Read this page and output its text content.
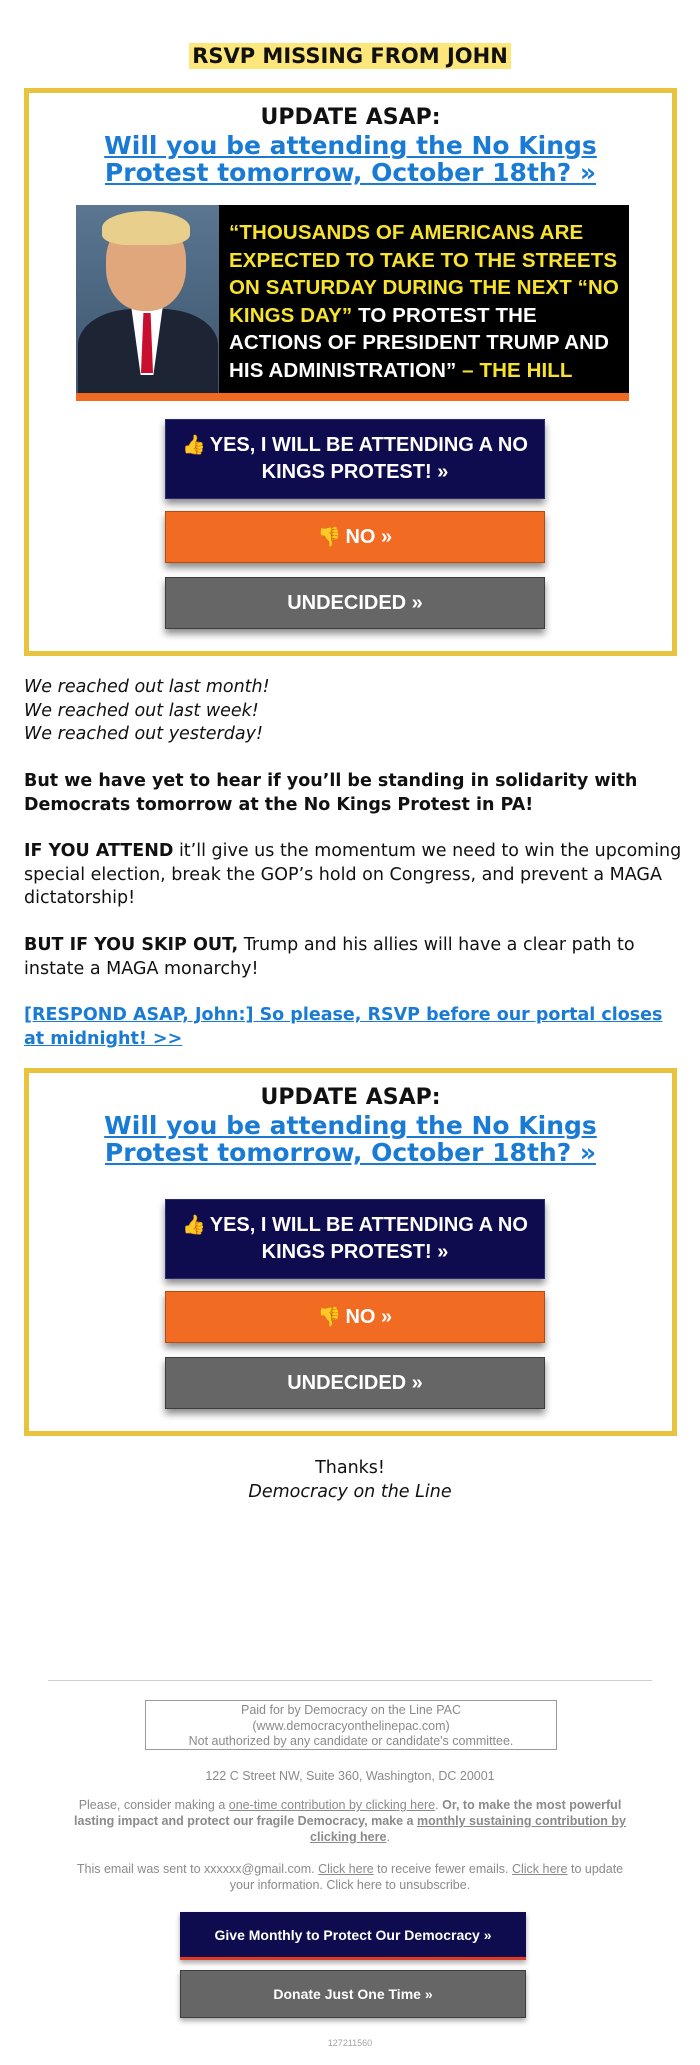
RSVP MISSING FROM JOHN
UPDATE ASAP:
Will you be attending the No Kings Protest tomorrow, October 18th? »
“THOUSANDS OF AMERICANS ARE EXPECTED TO TAKE TO THE STREETS ON SATURDAY DURING THE NEXT “NO KINGS DAY” TO PROTEST THE ACTIONS OF PRESIDENT TRUMP AND HIS ADMINISTRATION” – THE HILL
👍 YES, I WILL BE ATTENDING A NO KINGS PROTEST! »
👎 NO »
UNDECIDED »
We reached out last month!
We reached out last week!
We reached out yesterday!
But we have yet to hear if you’ll be standing in solidarity with Democrats tomorrow at the No Kings Protest in PA!
IF YOU ATTEND it’ll give us the momentum we need to win the upcoming special election, break the GOP’s hold on Congress, and prevent a MAGA dictatorship!
BUT IF YOU SKIP OUT, Trump and his allies will have a clear path to instate a MAGA monarchy!
[RESPOND ASAP, John:] So please, RSVP before our portal closes at midnight! >>
UPDATE ASAP:
Will you be attending the No Kings Protest tomorrow, October 18th? »
👍 YES, I WILL BE ATTENDING A NO KINGS PROTEST! »
👎 NO »
UNDECIDED »
Thanks!
Democracy on the Line
Paid for by Democracy on the Line PAC
(www.democracyonthelinepac.com)
Not authorized by any candidate or candidate's committee.
122 C Street NW, Suite 360, Washington, DC 20001
Please, consider making a one-time contribution by clicking here. Or, to make the most powerful lasting impact and protect our fragile Democracy, make a monthly sustaining contribution by clicking here.
This email was sent to xxxxxx@gmail.com. Click here to receive fewer emails. Click here to update your information. Click here to unsubscribe.
Give Monthly to Protect Our Democracy »
Donate Just One Time »
127211560
